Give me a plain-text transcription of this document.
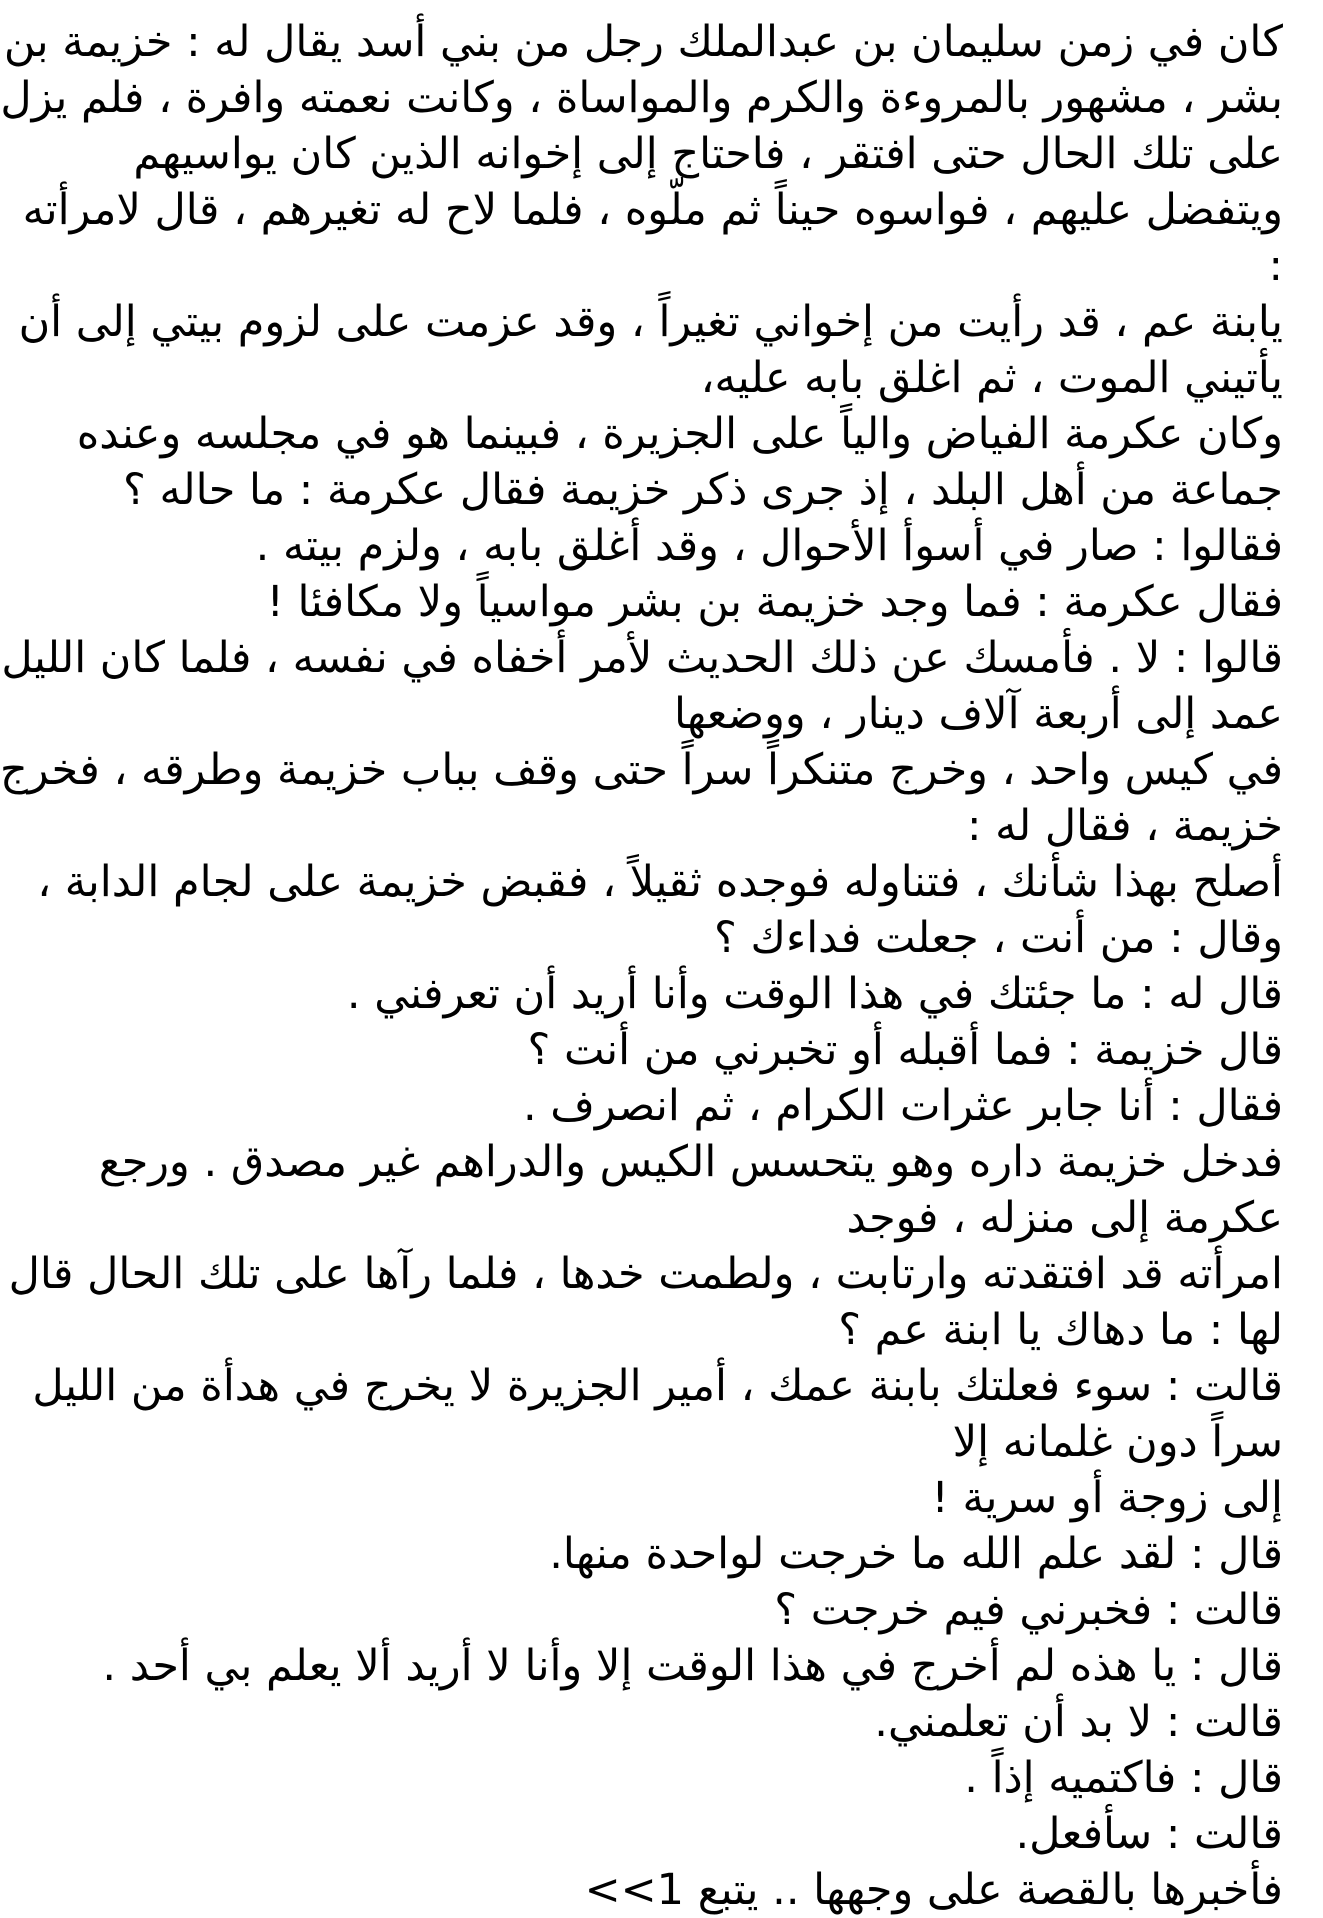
كان في زمن سليمان بن عبدالملك رجل من بني أسد يقال له : خزيمة بن
بشر ، مشهور بالمروءة والكرم والمواساة ، وكانت نعمته وافرة ، فلم يزل
على تلك الحال حتى افتقر ، فاحتاج إلى إخوانه الذين كان يواسيهم
ويتفضل عليهم ، فواسوه حيناً ثم ملّوه ، فلما لاح له تغيرهم ، قال لامرأته
:
يابنة عم ، قد رأيت من إخواني تغيراً ، وقد عزمت على لزوم بيتي إلى أن
يأتيني الموت ، ثم اغلق بابه عليه،
وكان عكرمة الفياض والياً على الجزيرة ، فبينما هو في مجلسه وعنده
جماعة من أهل البلد ، إذ جرى ذكر خزيمة فقال عكرمة : ما حاله ؟
فقالوا : صار في أسوأ الأحوال ، وقد أغلق بابه ، ولزم بيته .
فقال عكرمة : فما وجد خزيمة بن بشر مواسياً ولا مكافئا !
قالوا : لا . فأمسك عن ذلك الحديث لأمر أخفاه في نفسه ، فلما كان الليل
عمد إلى أربعة آلاف دينار ، ووضعها
في كيس واحد ، وخرج متنكراً سراً حتى وقف بباب خزيمة وطرقه ، فخرج
خزيمة ، فقال له :
أصلح بهذا شأنك ، فتناوله فوجده ثقيلاً ، فقبض خزيمة على لجام الدابة ،
وقال : من أنت ، جعلت فداءك ؟
قال له : ما جئتك في هذا الوقت وأنا أريد أن تعرفني .
قال خزيمة : فما أقبله أو تخبرني من أنت ؟
فقال : أنا جابر عثرات الكرام ، ثم انصرف .
فدخل خزيمة داره وهو يتحسس الكيس والدراهم غير مصدق . ورجع
عكرمة إلى منزله ، فوجد
امرأته قد افتقدته وارتابت ، ولطمت خدها ، فلما رآها على تلك الحال قال
لها : ما دهاك يا ابنة عم ؟
قالت : سوء فعلتك بابنة عمك ، أمير الجزيرة لا يخرج في هدأة من الليل
سراً دون غلمانه إلا
إلى زوجة أو سرية !
قال : لقد علم الله ما خرجت لواحدة منها.
قالت : فخبرني فيم خرجت ؟
قال : يا هذه لم أخرج في هذا الوقت إلا وأنا لا أريد ألا يعلم بي أحد .
قالت : لا بد أن تعلمني.
قال : فاكتميه إذاً .
قالت : سأفعل.
فأخبرها بالقصة على وجهها .. يتبع 1>>
